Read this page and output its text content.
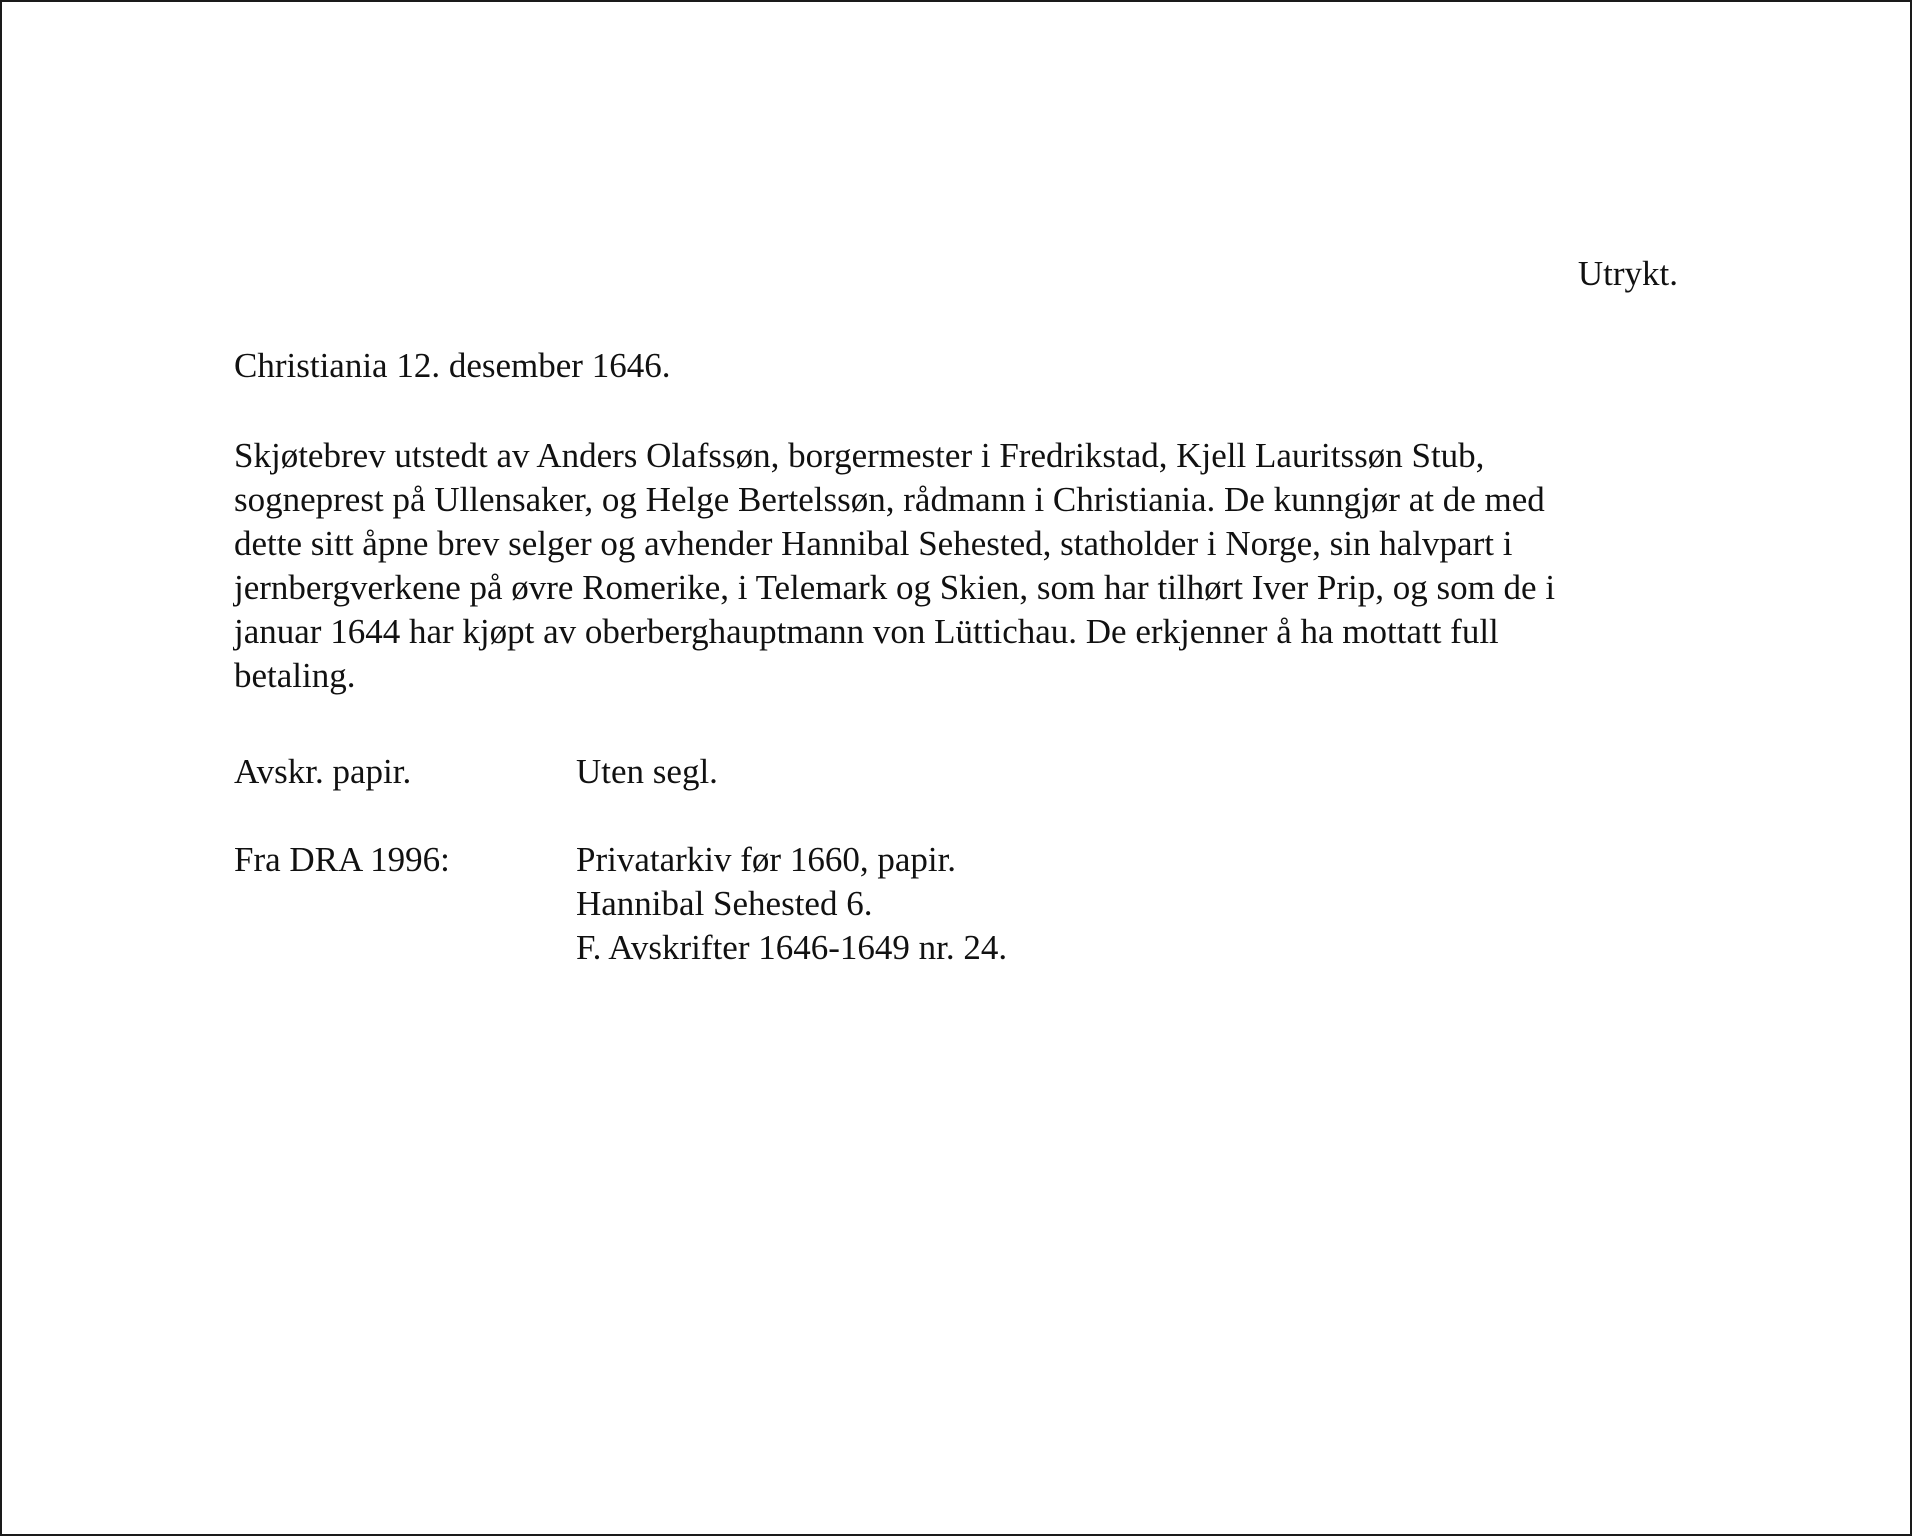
Utrykt.
Christiania 12. desember 1646.
Skjøtebrev utstedt av Anders Olafssøn, borgermester i Fredrikstad, Kjell Lauritssøn Stub,
sogneprest på Ullensaker, og Helge Bertelssøn, rådmann i Christiania. De kunngjør at de med
dette sitt åpne brev selger og avhender Hannibal Sehested, statholder i Norge, sin halvpart i
jernbergverkene på øvre Romerike, i Telemark og Skien, som har tilhørt Iver Prip, og som de i
januar 1644 har kjøpt av oberberghauptmann von Lüttichau. De erkjenner å ha mottatt full
betaling.
Avskr. papir.	Uten segl.
Fra DRA 1996:	Privatarkiv før 1660, papir.
Hannibal Sehested 6.
F. Avskrifter 1646-1649 nr. 24.
